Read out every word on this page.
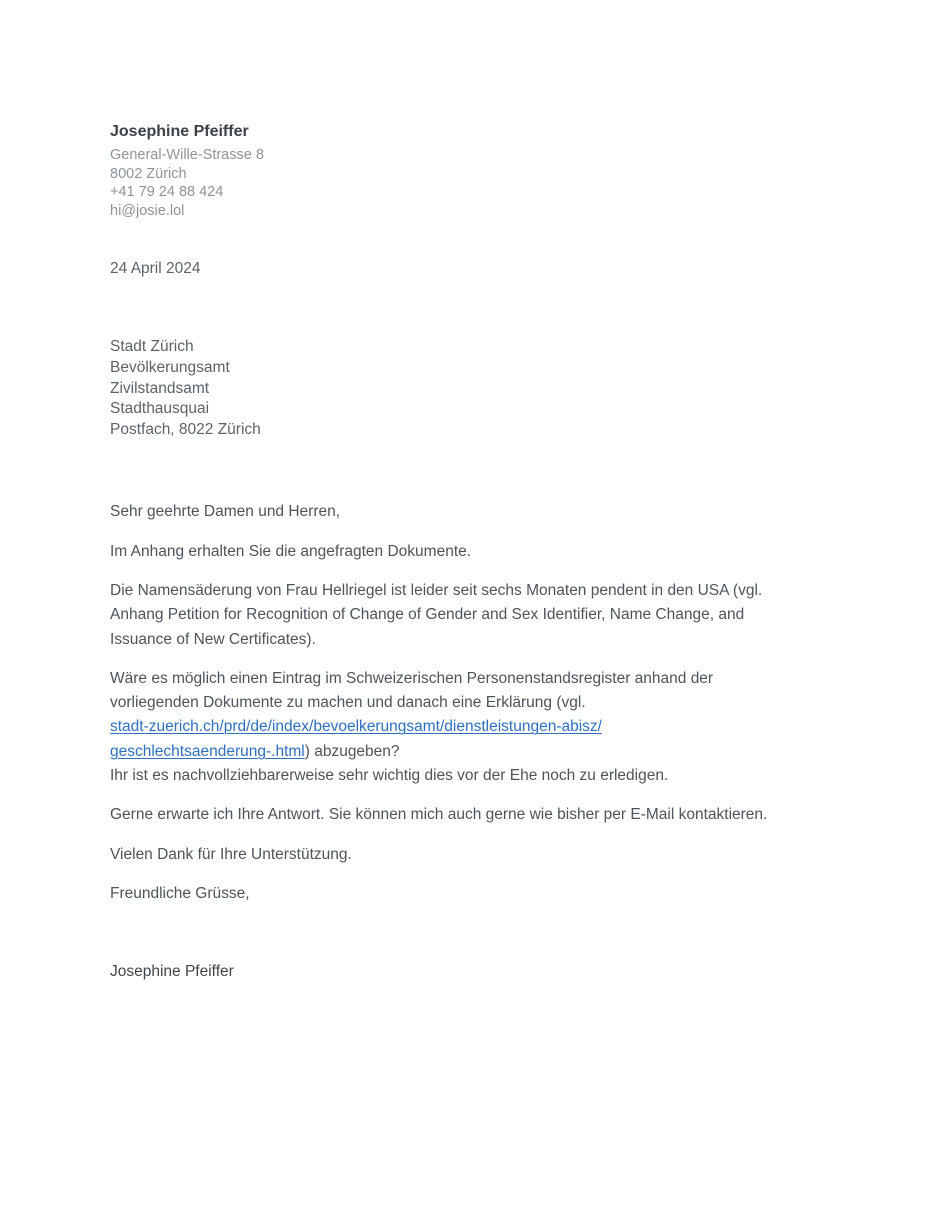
Josephine Pfeiffer
General-Wille-Strasse 8
8002 Zürich
+41 79 24 88 424
hi@josie.lol
24 April 2024
Stadt Zürich
Bevölkerungsamt
Zivilstandsamt
Stadthausquai
Postfach, 8022 Zürich

Sehr geehrte Damen und Herren,

Im Anhang erhalten Sie die angefragten Dokumente.

Die Namensäderung von Frau Hellriegel ist leider seit sechs Monaten pendent in den USA (vgl.
Anhang Petition for Recognition of Change of Gender and Sex Identifier, Name Change, and
Issuance of New Certificates).

Wäre es möglich einen Eintrag im Schweizerischen Personenstandsregister anhand der
vorliegenden Dokumente zu machen und danach eine Erklärung (vgl.
stadt-zuerich.ch/prd/de/index/bevoelkerungsamt/dienstleistungen-abisz/
geschlechtsaenderung-.html) abzugeben?
Ihr ist es nachvollziehbarerweise sehr wichtig dies vor der Ehe noch zu erledigen.

Gerne erwarte ich Ihre Antwort. Sie können mich auch gerne wie bisher per E-Mail kontaktieren.

Vielen Dank für Ihre Unterstützung.

Freundliche Grüsse,

Josephine Pfeiffer
